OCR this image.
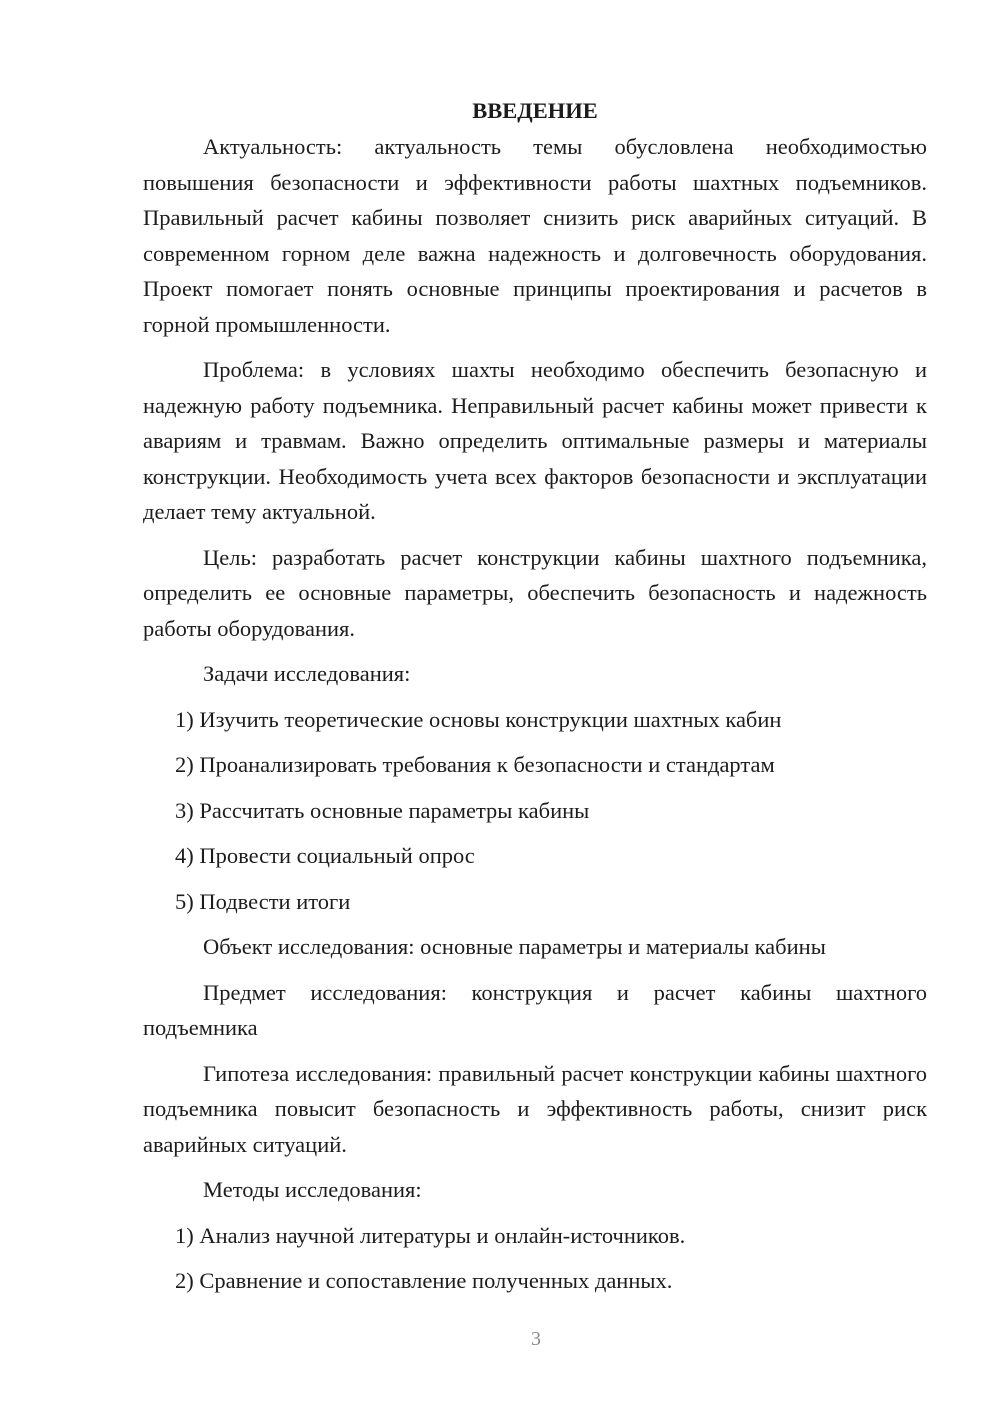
ВВЕДЕНИЕ

Актуальность: актуальность темы обусловлена необходимостью повышения безопасности и эффективности работы шахтных подъемников. Правильный расчет кабины позволяет снизить риск аварийных ситуаций. В современном горном деле важна надежность и долговечность оборудования. Проект помогает понять основные принципы проектирования и расчетов в горной промышленности.

Проблема: в условиях шахты необходимо обеспечить безопасную и надежную работу подъемника. Неправильный расчет кабины может привести к авариям и травмам. Важно определить оптимальные размеры и материалы конструкции. Необходимость учета всех факторов безопасности и эксплуатации делает тему актуальной.

Цель: разработать расчет конструкции кабины шахтного подъемника, определить ее основные параметры, обеспечить безопасность и надежность работы оборудования.

Задачи исследования:

1) Изучить теоретические основы конструкции шахтных кабин

2) Проанализировать требования к безопасности и стандартам

3) Рассчитать основные параметры кабины

4) Провести социальный опрос

5) Подвести итоги

Объект исследования: основные параметры и материалы кабины

Предмет исследования: конструкция и расчет кабины шахтного подъемника

Гипотеза исследования: правильный расчет конструкции кабины шахтного подъемника повысит безопасность и эффективность работы, снизит риск аварийных ситуаций.

Методы исследования:

1) Анализ научной литературы и онлайн-источников.

2) Сравнение и сопоставление полученных данных.

3
